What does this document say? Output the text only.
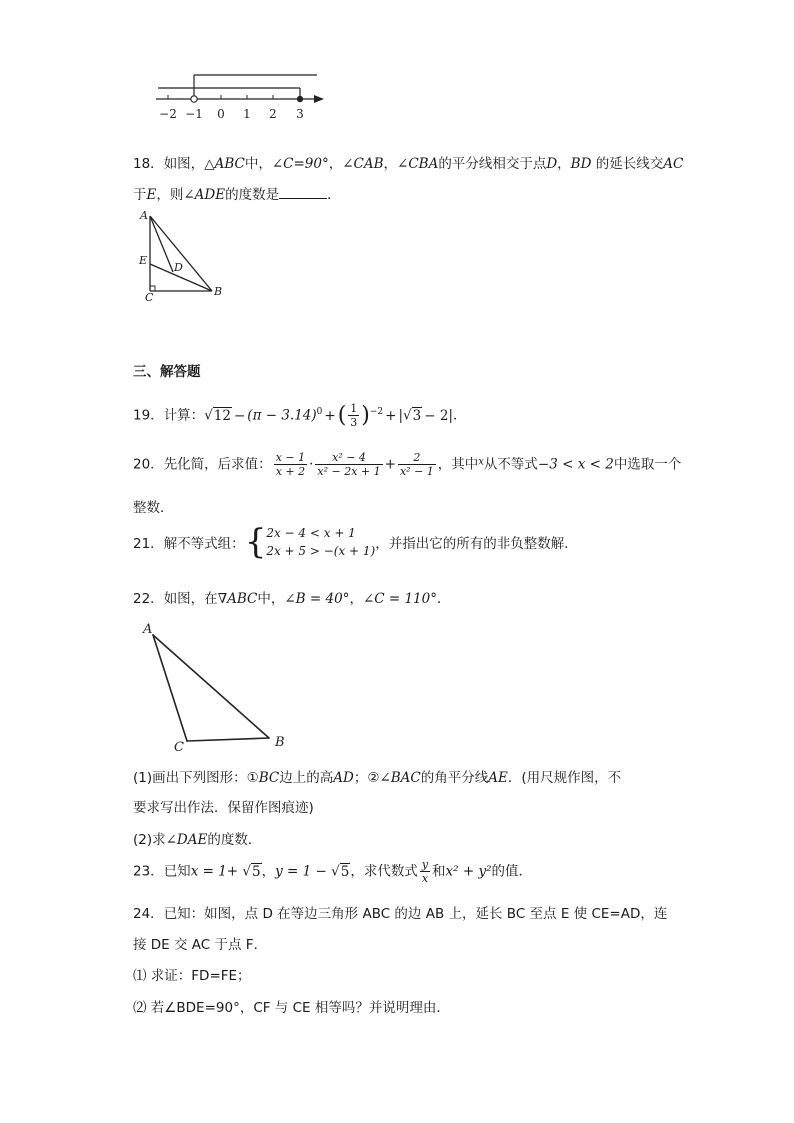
−2 −1 0 1 2 3
18．如图，△ABC中，∠C=90°，∠CAB，∠CBA的平分线相交于点D，BD 的延长线交AC
于E，则∠ADE的度数是	．
A
E
D
C	B
三、解答题
19．计算：$√12 - (\pi - 3.14)^0$ +( $\frac{1}{3} )^{-2} + |√3 - 2|$．
20．先化简，后求值： $\frac{x - 1}{x + 2} \cdot \frac{\text{x² − 4}}{\text{x² − 2x + 1}} + \frac{2}{\text{x² − 1}}$ ，其中$^x$从不等式−3 < x < 2中选取一个
整数．
21．解不等式组：{ 2x − 4 < x + 1
2x + 5 > −(x + 1) ，并指出它的所有的非负整数解．
22．如图，在∇ABC中，∠B = 40°，∠C = 110°．
A
C	B
(1)画出下列图形：①BC边上的高AD；②∠BAC的角平分线AE．(用尺规作图，不
要求写出作法．保留作图痕迹)
(2)求∠DAE的度数．
23．已知x = 1+ √5，y = 1 − √5，求代数式 $\frac{y}{x}$ 和x² + y²的值．
24．已知：如图，点 D 在等边三角形 ABC 的边 AB 上，延长 BC 至点 E 使 CE=AD，连
接 DE 交 AC 于点 F．
⑴ 求证：FD=FE；
⑵ 若∠BDE=90°，CF 与 CE 相等吗？并说明理由．
